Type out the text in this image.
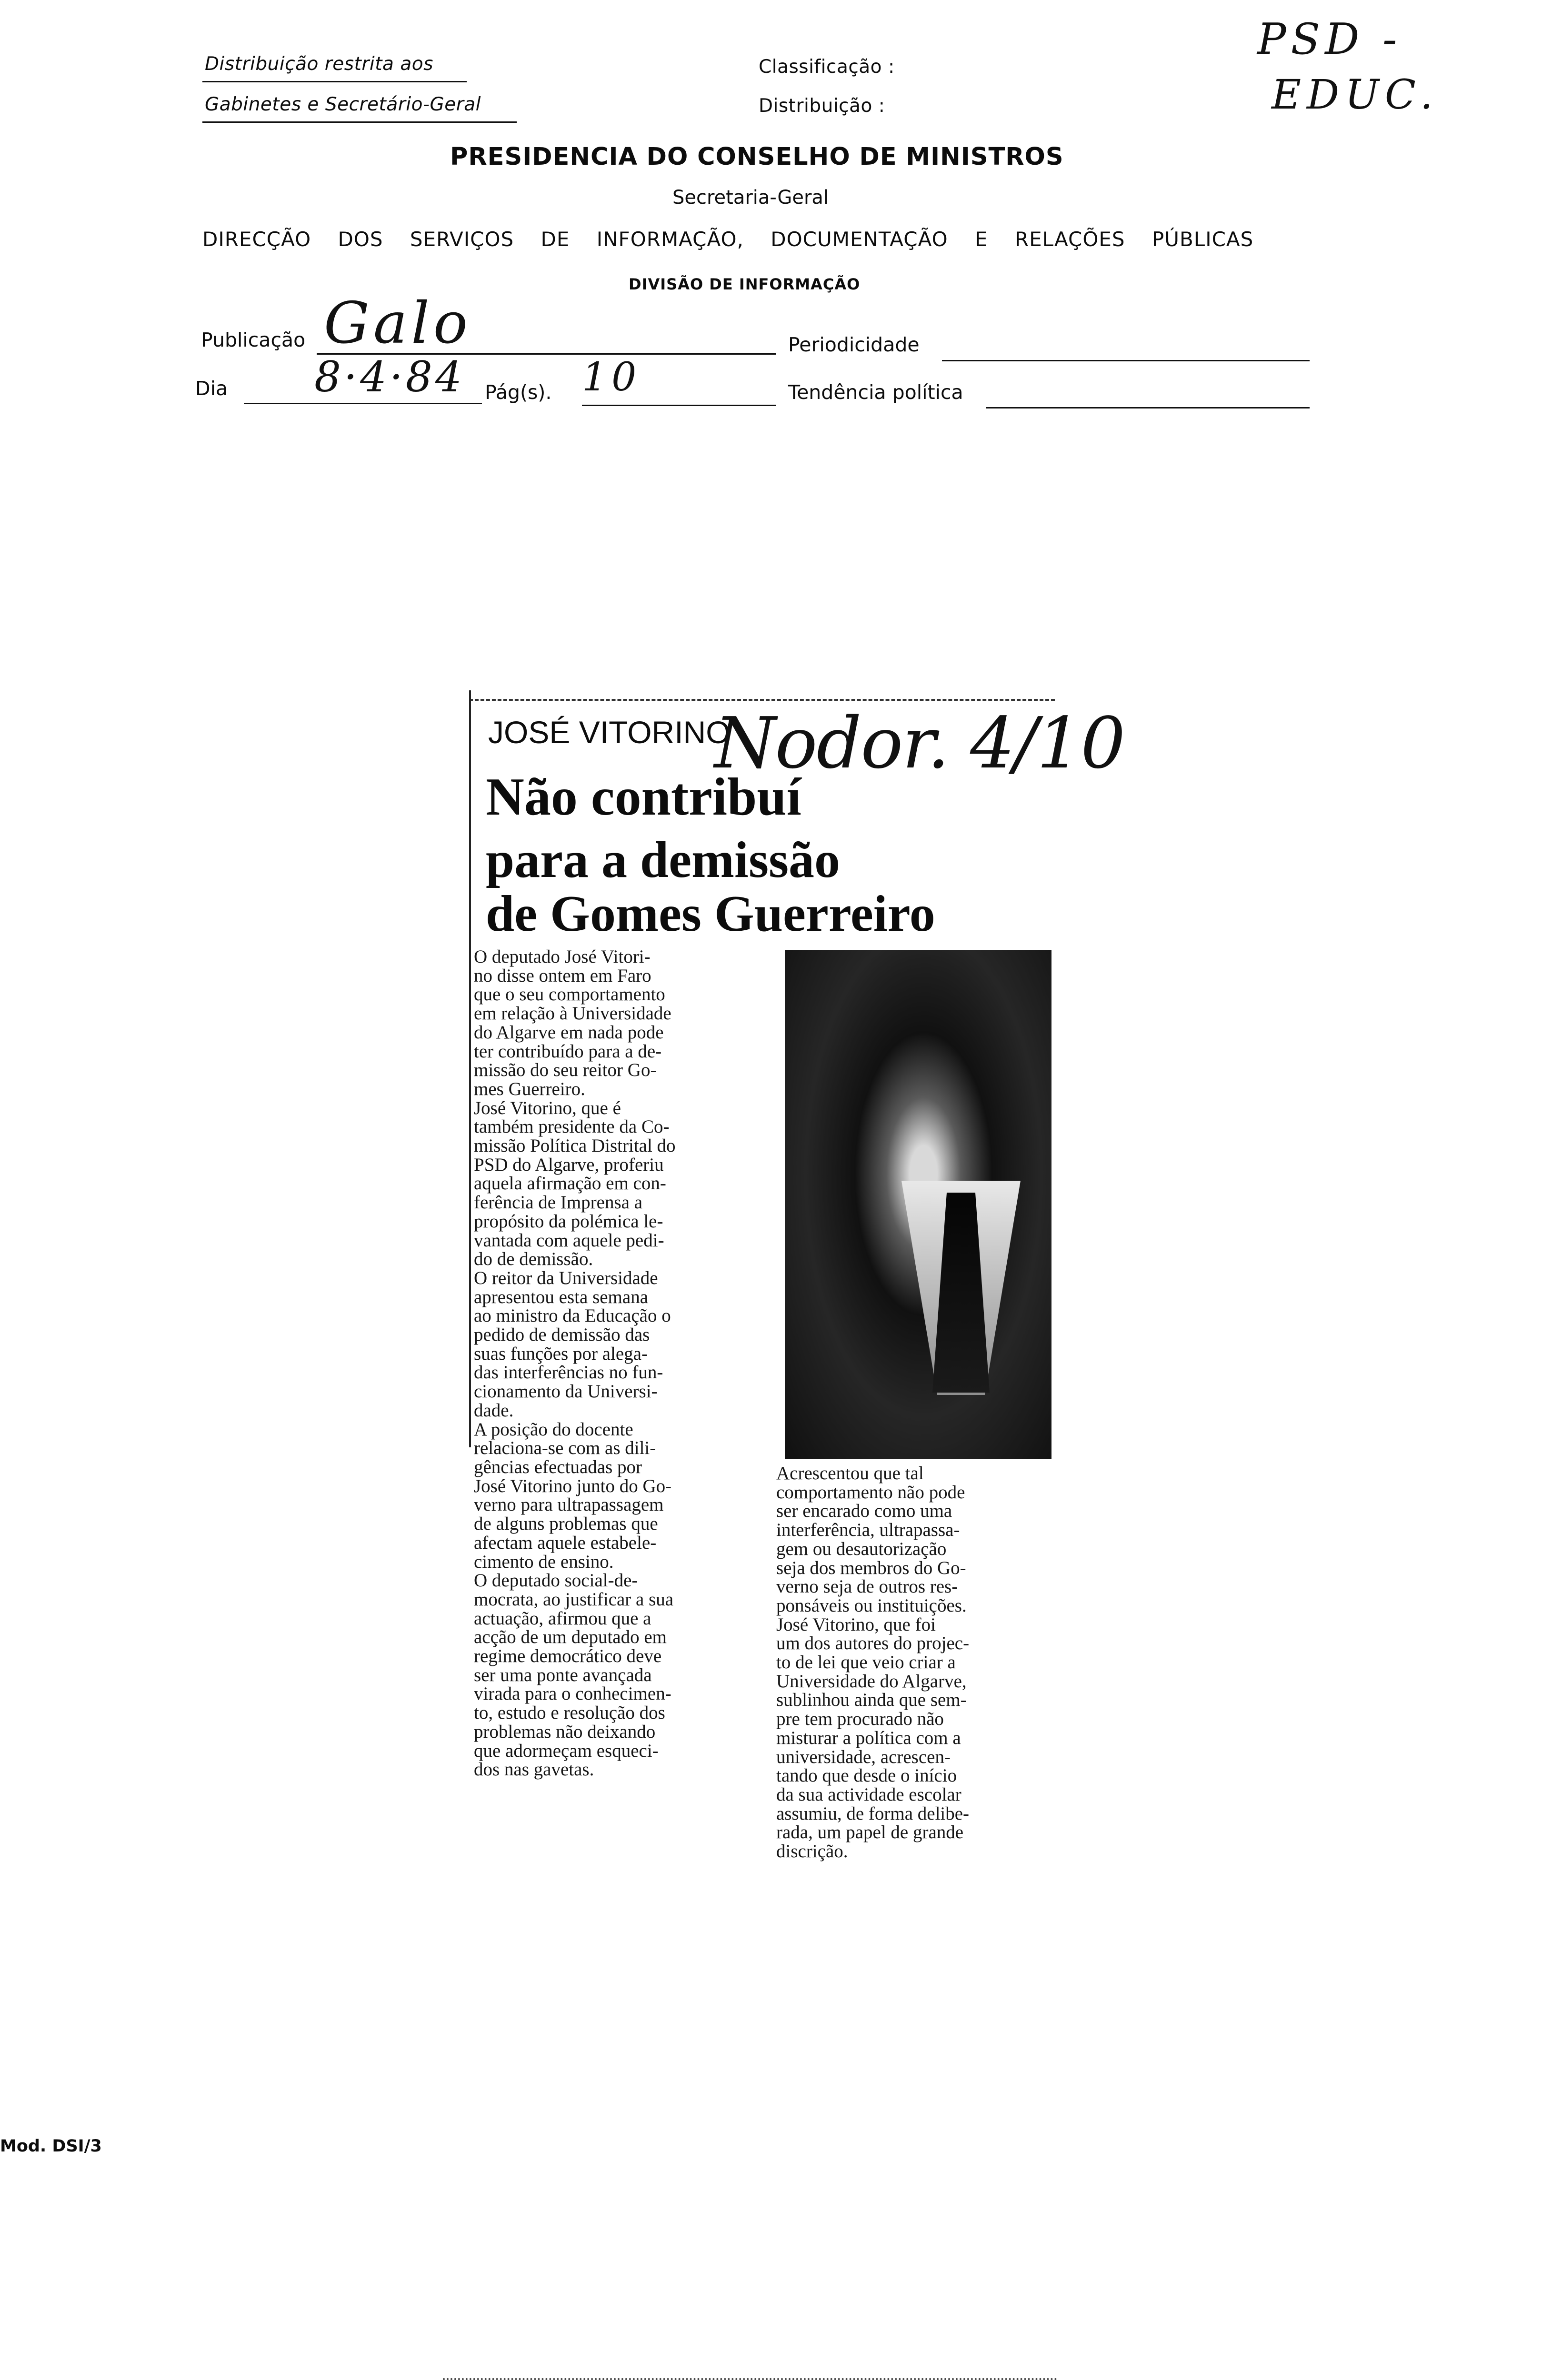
Distribuição restrita aos
Gabinetes e Secretário-Geral
Classificação :
Distribuição :
PSD -
EDUC.
PRESIDENCIA DO CONSELHO DE MINISTROS
Secretaria-Geral
DIRECÇÃO DOS SERVIÇOS DE INFORMAÇÃO, DOCUMENTAÇÃO E RELAÇÕES PÚBLICAS
DIVISÃO DE INFORMAÇÃO
Publicação Galo	Periodicidade
Dia 8·4·84 Pág(s). 10	Tendência política
JOSÉ VITORINO
Nodor. 4/10
Não contribuí
para a demissão
de Gomes Guerreiro
O deputado José Vitori-
no disse ontem em Faro
que o seu comportamento
em relação à Universidade
do Algarve em nada pode
ter contribuído para a de-
missão do seu reitor Go-
mes Guerreiro.
José Vitorino, que é
também presidente da Co-
missão Política Distrital do
PSD do Algarve, proferiu
aquela afirmação em con-
ferência de Imprensa a
propósito da polémica le-
vantada com aquele pedi-
do de demissão.
O reitor da Universidade
apresentou esta semana
ao ministro da Educação o
pedido de demissão das
suas funções por alega-
das interferências no fun-
cionamento da Universi-
dade.
A posição do docente
relaciona-se com as dili-
gências efectuadas por
José Vitorino junto do Go-
verno para ultrapassagem
de alguns problemas que
afectam aquele estabele-
cimento de ensino.
O deputado social-de-
mocrata, ao justificar a sua
actuação, afirmou que a
acção de um deputado em
regime democrático deve
ser uma ponte avançada
virada para o conhecimen-
to, estudo e resolução dos
problemas não deixando
que adormeçam esqueci-
dos nas gavetas.
Acrescentou que tal
comportamento não pode
ser encarado como uma
interferência, ultrapassa-
gem ou desautorização
seja dos membros do Go-
verno seja de outros res-
ponsáveis ou instituições.
José Vitorino, que foi
um dos autores do projec-
to de lei que veio criar a
Universidade do Algarve,
sublinhou ainda que sem-
pre tem procurado não
misturar a política com a
universidade, acrescen-
tando que desde o início
da sua actividade escolar
assumiu, de forma delibe-
rada, um papel de grande
discrição.
Mod. DSI/3
